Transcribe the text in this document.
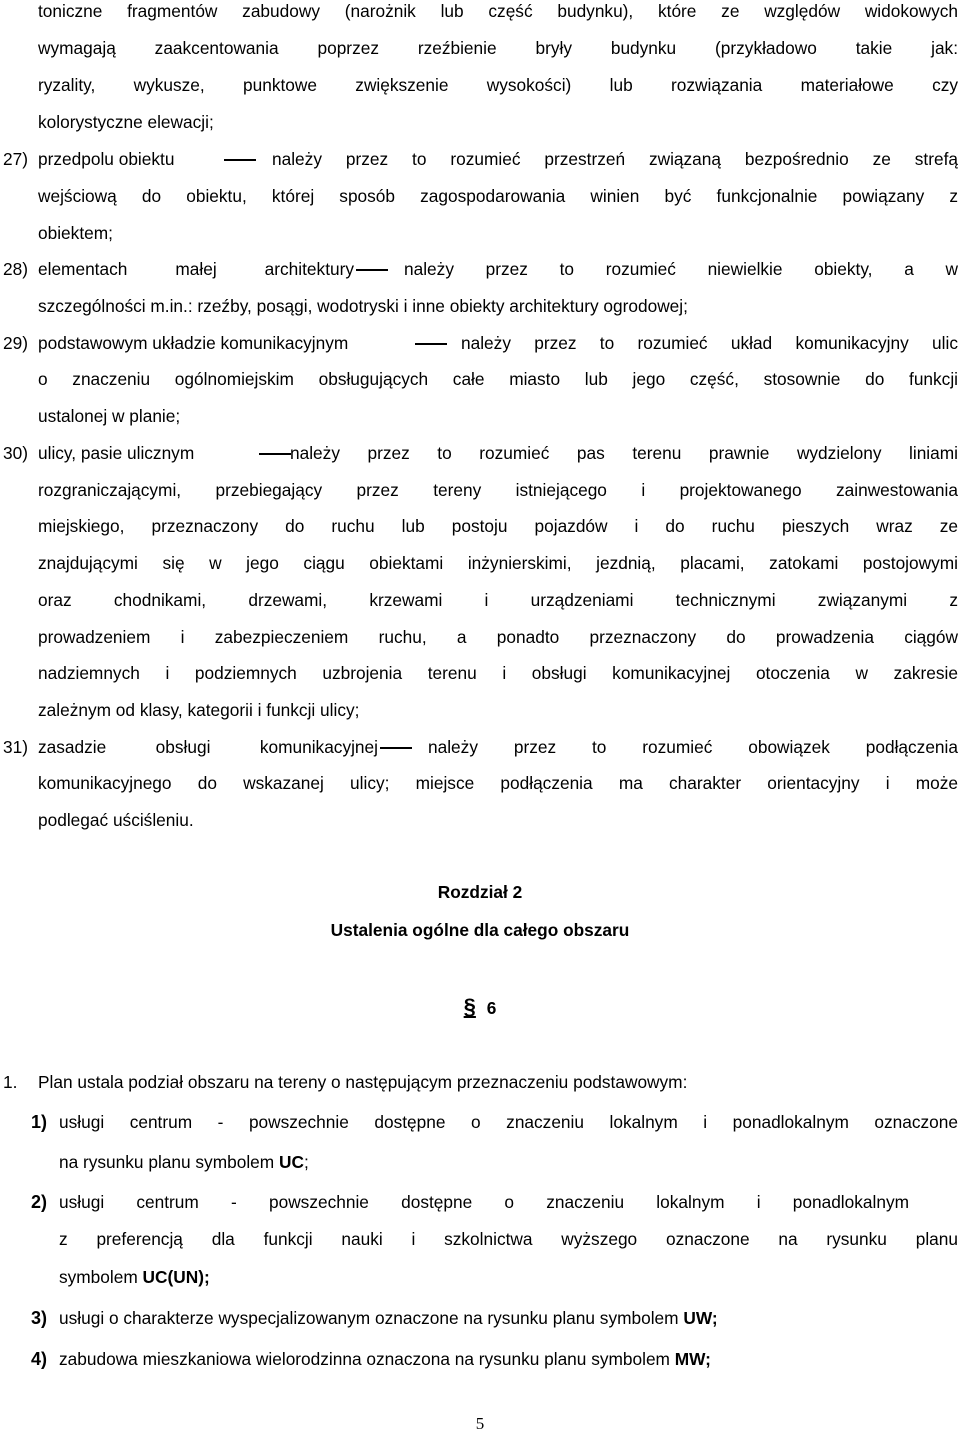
toniczne fragmentów zabudowy (narożnik lub część budynku), które ze względów widokowych
wymagają zaakcentowania poprzez rzeźbienie bryły budynku (przykładowo takie jak:
ryzality, wykusze, punktowe zwiększenie wysokości) lub rozwiązania materiałowe czy
kolorystyczne elewacji;
27) przedpolu obiektu	należy przez to rozumieć przestrzeń związaną bezpośrednio ze strefą
wejściową do obiektu, której sposób zagospodarowania winien być funkcjonalnie powiązany z
obiektem;
28) elementach małej architektury	należy przez to rozumieć niewielkie obiekty, a w
szczególności m.in.: rzeźby, posągi, wodotryski i inne obiekty architektury ogrodowej;
29) podstawowym układzie komunikacyjnym	należy przez to rozumieć układ komunikacyjny ulic
o znaczeniu ogólnomiejskim obsługujących całe miasto lub jego część, stosownie do funkcji
ustalonej w planie;
30) ulicy, pasie ulicznym	należy przez to rozumieć pas terenu prawnie wydzielony liniami
rozgraniczającymi, przebiegający przez tereny istniejącego i projektowanego zainwestowania
miejskiego, przeznaczony do ruchu lub postoju pojazdów i do ruchu pieszych wraz ze
znajdującymi się w jego ciągu obiektami inżynierskimi, jezdnią, placami, zatokami postojowymi
oraz chodnikami, drzewami, krzewami i urządzeniami technicznymi związanymi z
prowadzeniem i zabezpieczeniem ruchu, a ponadto przeznaczony do prowadzenia ciągów
nadziemnych i podziemnych uzbrojenia terenu i obsługi komunikacyjnej otoczenia w zakresie
zależnym od klasy, kategorii i funkcji ulicy;
31) zasadzie obsługi komunikacyjnej	należy przez to rozumieć obowiązek podłączenia
komunikacyjnego do wskazanej ulicy; miejsce podłączenia ma charakter orientacyjny i może
podlegać uściśleniu.
Rozdział 2
Ustalenia ogólne dla całego obszaru
§ 6
1. Plan ustala podział obszaru na tereny o następującym przeznaczeniu podstawowym:
1) usługi centrum - powszechnie dostępne o znaczeniu lokalnym i ponadlokalnym oznaczone
na rysunku planu symbolem UC;
2) usługi centrum - powszechnie dostępne o znaczeniu lokalnym i ponadlokalnym
z preferencją dla funkcji nauki i szkolnictwa wyższego oznaczone na rysunku planu
symbolem UC(UN);
3) usługi o charakterze wyspecjalizowanym oznaczone na rysunku planu symbolem UW;
4) zabudowa mieszkaniowa wielorodzinna oznaczona na rysunku planu symbolem MW;
5
